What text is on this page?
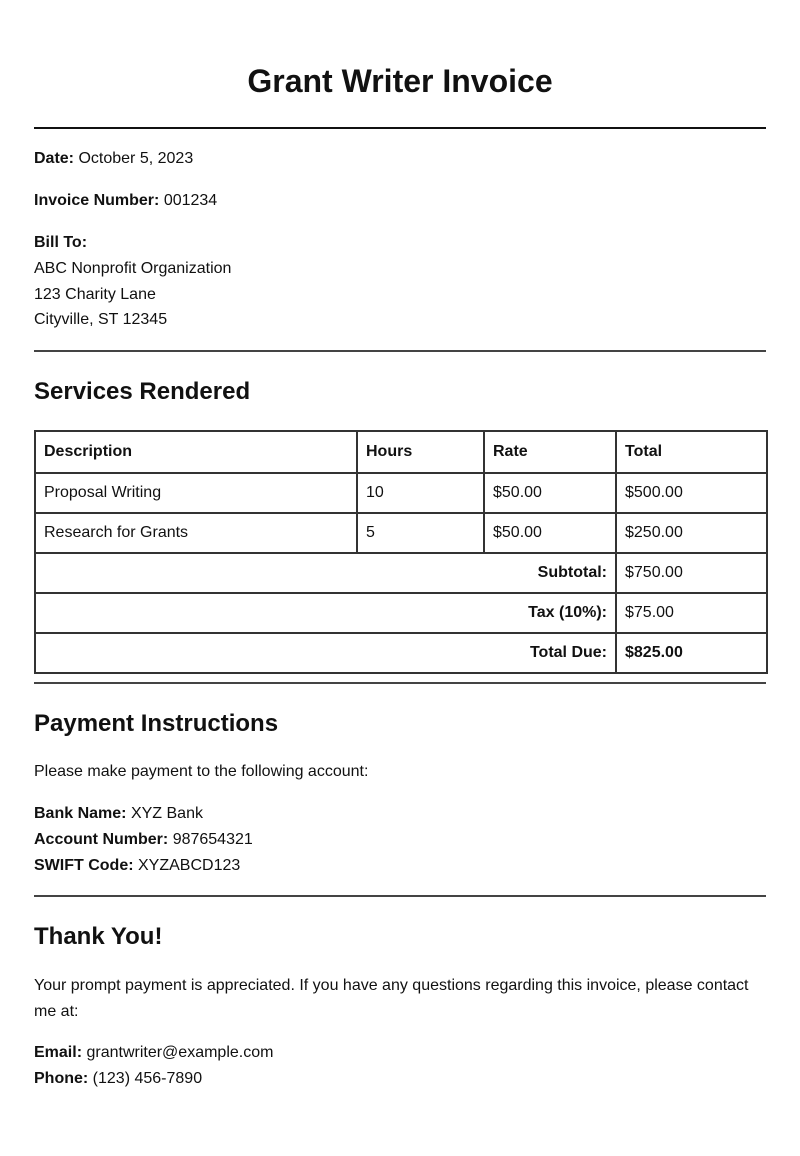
Grant Writer Invoice

Date: October 5, 2023

Invoice Number: 001234

Bill To:

ABC Nonprofit Organization

123 Charity Lane

Cityville, ST 12345

Services Rendered
Description	Hours	Rate	Total
Proposal Writing	10	$50.00	$500.00
Research for Grants	5	$50.00	$250.00
Subtotal:			$750.00
Tax (10%):			$75.00
Total Due:			$825.00
Payment Instructions

Please make payment to the following account:

Bank Name: XYZ Bank

Account Number: 987654321

SWIFT Code: XYZABCD123

Thank You!

Your prompt payment is appreciated. If you have any questions regarding this invoice, please contact me at:

Email: grantwriter@example.com

Phone: (123) 456-7890
